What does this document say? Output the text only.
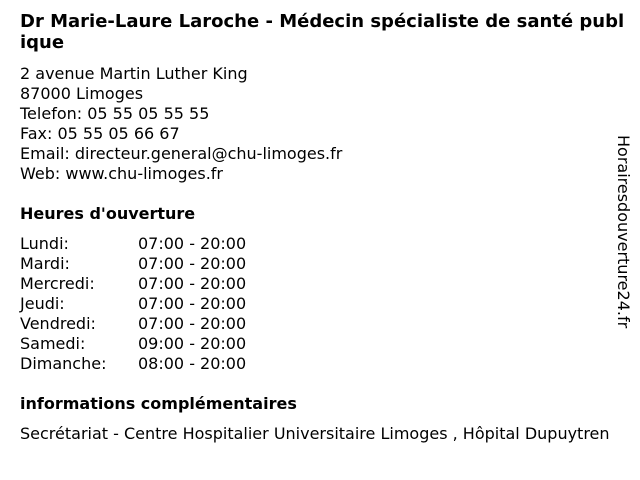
Dr Marie-Laure Laroche - Médecin spécialiste de santé publique
2 avenue Martin Luther King
87000 Limoges
Telefon: 05 55 05 55 55
Fax: 05 55 05 66 67
Email: directeur.general@chu-limoges.fr
Web: www.chu-limoges.fr
Heures d'ouverture
Lundi:	07:00 - 20:00
Mardi:	07:00 - 20:00
Mercredi:	07:00 - 20:00
Jeudi:	07:00 - 20:00
Vendredi:	07:00 - 20:00
Samedi:	09:00 - 20:00
Dimanche: 08:00 - 20:00
informations complémentaires
Secrétariat - Centre Hospitalier Universitaire Limoges , Hôpital Dupuytren
Horairesdouverture24.fr
